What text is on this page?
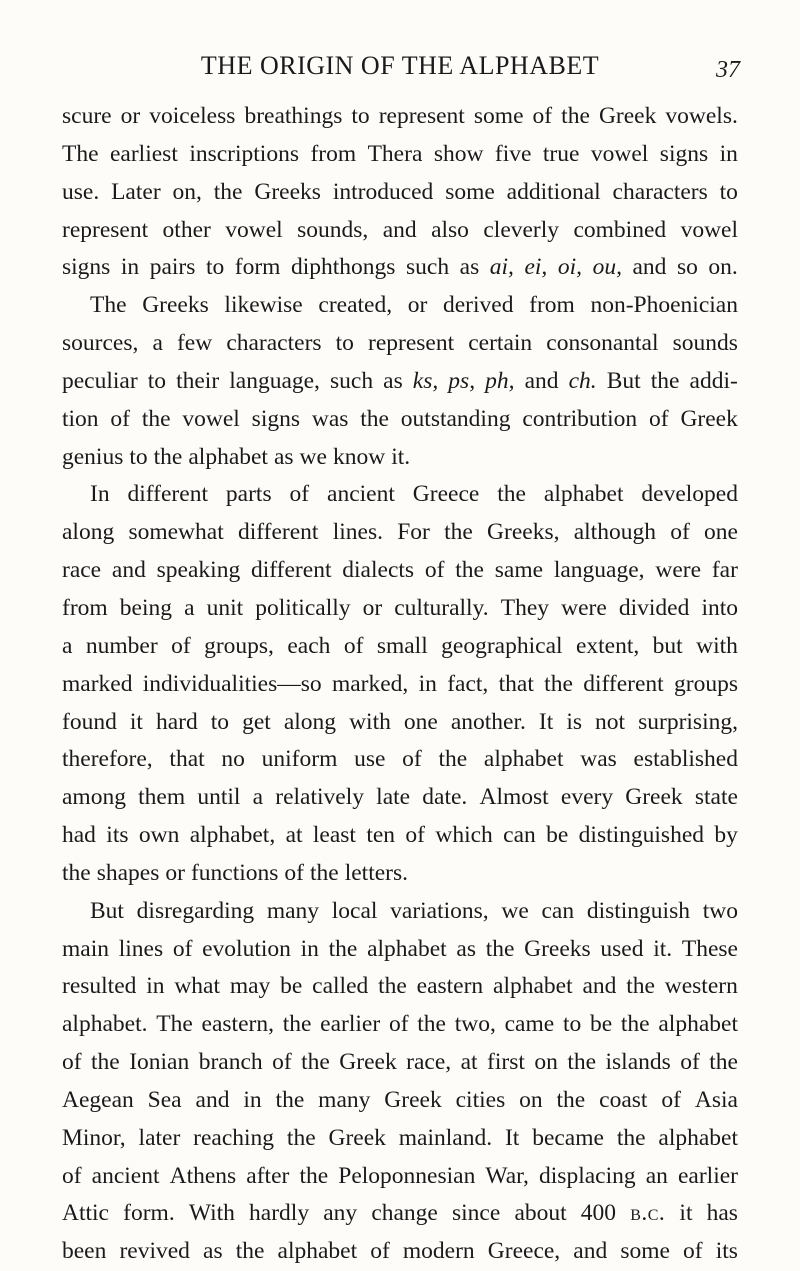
THE ORIGIN OF THE ALPHABET	37
scure or voiceless breathings to represent some of the Greek vowels.
The earliest inscriptions from Thera show five true vowel signs in
use. Later on, the Greeks introduced some additional characters to
represent other vowel sounds, and also cleverly combined vowel
signs in pairs to form diphthongs such as ai, ei, oi, ou, and so on.
The Greeks likewise created, or derived from non-Phoenician
sources, a few characters to represent certain consonantal sounds
peculiar to their language, such as ks, ps, ph, and ch. But the addi-
tion of the vowel signs was the outstanding contribution of Greek
genius to the alphabet as we know it.
In different parts of ancient Greece the alphabet developed
along somewhat different lines. For the Greeks, although of one
race and speaking different dialects of the same language, were far
from being a unit politically or culturally. They were divided into
a number of groups, each of small geographical extent, but with
marked individualities—so marked, in fact, that the different groups
found it hard to get along with one another. It is not surprising,
therefore, that no uniform use of the alphabet was established
among them until a relatively late date. Almost every Greek state
had its own alphabet, at least ten of which can be distinguished by
the shapes or functions of the letters.
But disregarding many local variations, we can distinguish two
main lines of evolution in the alphabet as the Greeks used it. These
resulted in what may be called the eastern alphabet and the western
alphabet. The eastern, the earlier of the two, came to be the alphabet
of the Ionian branch of the Greek race, at first on the islands of the
Aegean Sea and in the many Greek cities on the coast of Asia
Minor, later reaching the Greek mainland. It became the alphabet
of ancient Athens after the Peloponnesian War, displacing an earlier
Attic form. With hardly any change since about 400 b.c. it has
been revived as the alphabet of modern Greece, and some of its
